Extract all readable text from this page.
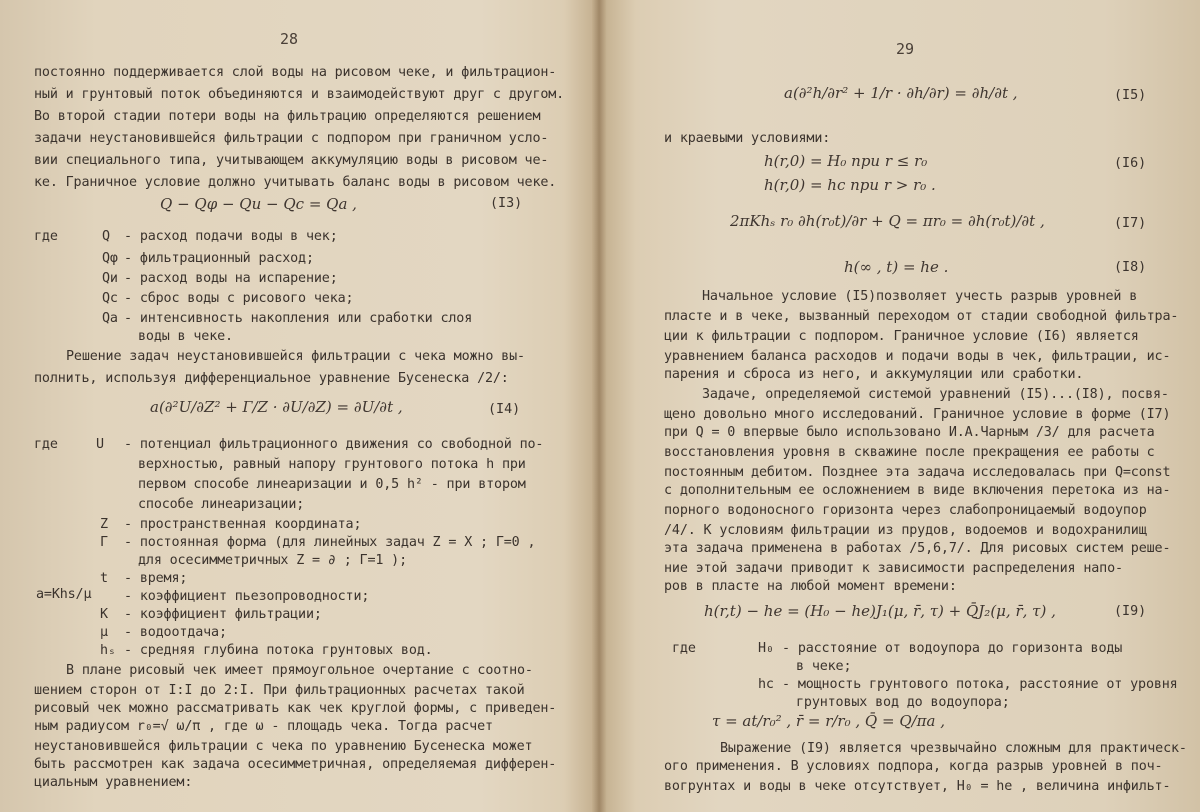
28
постоянно поддерживается слой воды на рисовом чеке, и фильтрацион-
ный и грунтовый поток объединяются и взаимодействуют друг с другом.
Во второй стадии потери воды на фильтрацию определяются решением
задачи неустановившейся фильтрации с подпором при граничном усло-
вии специального типа, учитывающем аккумуляцию воды в рисовом че-
ке. Граничное условие должно учитывать баланс воды в рисовом чеке.
Q − Qφ − Qи − Qс = Qа ,	(I3)
где	Q - расход подачи воды в чек;
Qφ - фильтрационный расход;
Qи - расход воды на испарение;
Qс - сброс воды с рисового чека;
Qа - интенсивность накопления или сработки слоя
воды в чеке.
Решение задач неустановившейся фильтрации с чека можно вы-
полнить, используя дифференциальное уравнение Бусенеска /2/:
a(∂²U/∂Z² + Г/Z · ∂U/∂Z) = ∂U/∂t ,	(I4)
где	U - потенциал фильтрационного движения со свободной по-
верхностью, равный напору грунтового потока h при
первом способе линеаризации и 0,5 h² - при втором
способе линеаризации;
Z - пространственная координата;
Г - постоянная форма (для линейных задач Z = X ; Г=0 ,
для осесимметричных Z = ∂ ; Г=1 );
t - время;
a=Khs/μ - коэффициент пьезопроводности;
K - коэффициент фильтрации;
μ - водоотдача;
hₛ - средняя глубина потока грунтовых вод.
В плане рисовый чек имеет прямоугольное очертание с соотно-
шением сторон от I:I до 2:I. При фильтрационных расчетах такой
рисовый чек можно рассматривать как чек круглой формы, с приведен-
ным радиусом r₀=√ ω/π , где ω - площадь чека. Тогда расчет
неустановившейся фильтрации с чека по уравнению Бусенеска может
быть рассмотрен как задача осесимметричная, определяемая дифферен-
циальным уравнением:
29
a(∂²h/∂r² + 1/r · ∂h/∂r) = ∂h/∂t ,	(I5)
и краевыми условиями:
h(r,0) = H₀ при r ≤ r₀	(I6)
h(r,0) = hс при r > r₀ .
2πKhₛ r₀ ∂h(r₀t)/∂r + Q = πr₀ = ∂h(r₀t)/∂t ,	(I7)
h(∞ , t) = hе .	(I8)
Начальное условие (I5)позволяет учесть разрыв уровней в
пласте и в чеке, вызванный переходом от стадии свободной фильтра-
ции к фильтрации с подпором. Граничное условие (I6) является
уравнением баланса расходов и подачи воды в чек, фильтрации, ис-
парения и сброса из него, и аккумуляции или сработки.
Задаче, определяемой системой уравнений (I5)...(I8), посвя-
щено довольно много исследований. Граничное условие в форме (I7)
при Q = 0 впервые было использовано И.А.Чарным /3/ для расчета
восстановления уровня в скважине после прекращения ее работы с
постоянным дебитом. Позднее эта задача исследовалась при Q=const
с дополнительным ее осложнением в виде включения перетока из на-
порного водоносного горизонта через слабопроницаемый водоупор
/4/. К условиям фильтрации из прудов, водоемов и водохранилищ
эта задача применена в работах /5,6,7/. Для рисовых систем реше-
ние этой задачи приводит к зависимости распределения напо-
ров в пласте на любой момент времени:
h(r,t) − hе = (H₀ − hе)J₁(μ, r̄, τ) + Q̄J₂(μ, r̄, τ) ,	(I9)
где	H₀ - расстояние от водоупора до горизонта воды
в чеке;
hс - мощность грунтового потока, расстояние от уровня
грунтовых вод до водоупора;
τ = at/r₀² , r̄ = r/r₀ , Q̄ = Q/πa ,
Выражение (I9) является чрезвычайно сложным для практическ-
ого применения. В условиях подпора, когда разрыв уровней в поч-
вогрунтах и воды в чеке отсутствует, H₀ = hе , величина инфильт-
